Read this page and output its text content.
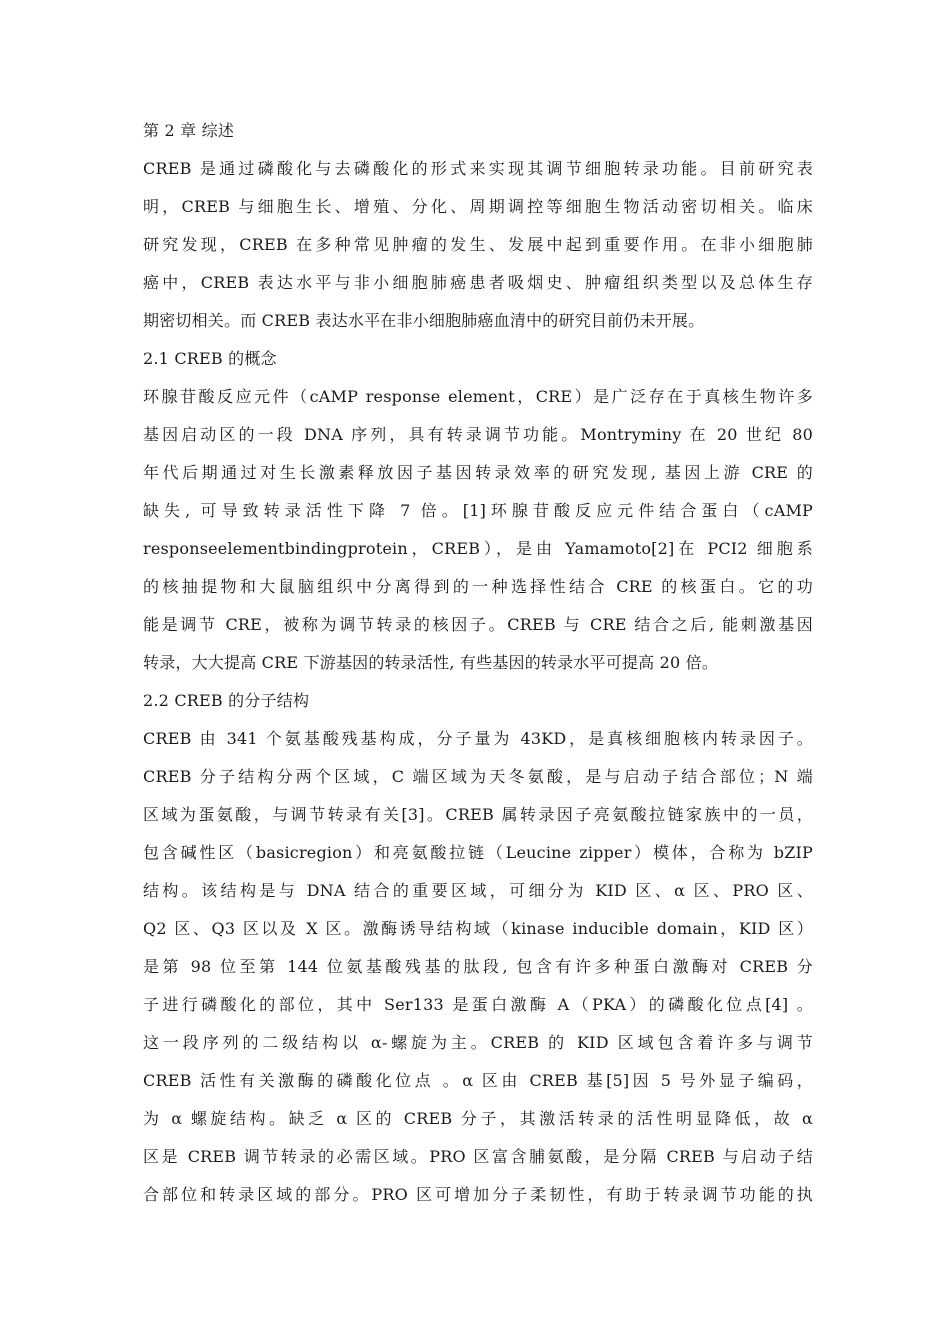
第 2 章 综述
CREB 是通过磷酸化与去磷酸化的形式来实现其调节细胞转录功能。目前研究表
明，CREB 与细胞生长、增殖、分化、周期调控等细胞生物活动密切相关。临床
研究发现，CREB 在多种常见肿瘤的发生、发展中起到重要作用。在非小细胞肺
癌中，CREB 表达水平与非小细胞肺癌患者吸烟史、肿瘤组织类型以及总体生存
期密切相关。而 CREB 表达水平在非小细胞肺癌血清中的研究目前仍未开展。
2.1 CREB 的概念
环腺苷酸反应元件（cAMP response element，CRE）是广泛存在于真核生物许多
基因启动区的一段 DNA 序列，具有转录调节功能。Montryminy 在 20 世纪 80
年代后期通过对生长激素释放因子基因转录效率的研究发现, 基因上游 CRE 的
缺失, 可导致转录活性下降 7 倍。[1]环腺苷酸反应元件结合蛋白（cAMP
responseelementbindingprotein，CREB），是由 Yamamoto[2]在 PCI2 细胞系
的核抽提物和大鼠脑组织中分离得到的一种选择性结合 CRE 的核蛋白。它的功
能是调节 CRE，被称为调节转录的核因子。CREB 与 CRE 结合之后, 能刺激基因
转录，大大提高 CRE 下游基因的转录活性, 有些基因的转录水平可提高 20 倍。
2.2 CREB 的分子结构
CREB 由 341 个氨基酸残基构成，分子量为 43KD，是真核细胞核内转录因子。
CREB 分子结构分两个区域，C 端区域为天冬氨酸，是与启动子结合部位；N 端
区域为蛋氨酸，与调节转录有关[3]。CREB 属转录因子亮氨酸拉链家族中的一员，
包含碱性区（basicregion）和亮氨酸拉链（Leucine zipper）模体，合称为 bZIP
结构。该结构是与 DNA 结合的重要区域，可细分为 KID 区、α 区、PRO 区、
Q2 区、Q3 区以及 X 区。激酶诱导结构域（kinase inducible domain，KID 区）
是第 98 位至第 144 位氨基酸残基的肽段, 包含有许多种蛋白激酶对 CREB 分
子进行磷酸化的部位，其中 Ser133 是蛋白激酶 A（PKA）的磷酸化位点[4] 。
这一段序列的二级结构以 α-螺旋为主。CREB 的 KID 区域包含着许多与调节
CREB 活性有关激酶的磷酸化位点 。α 区由 CREB 基[5]因 5 号外显子编码，
为 α 螺旋结构。缺乏 α 区的 CREB 分子，其激活转录的活性明显降低，故 α
区是 CREB 调节转录的必需区域。PRO 区富含脯氨酸，是分隔 CREB 与启动子结
合部位和转录区域的部分。PRO 区可增加分子柔韧性，有助于转录调节功能的执
